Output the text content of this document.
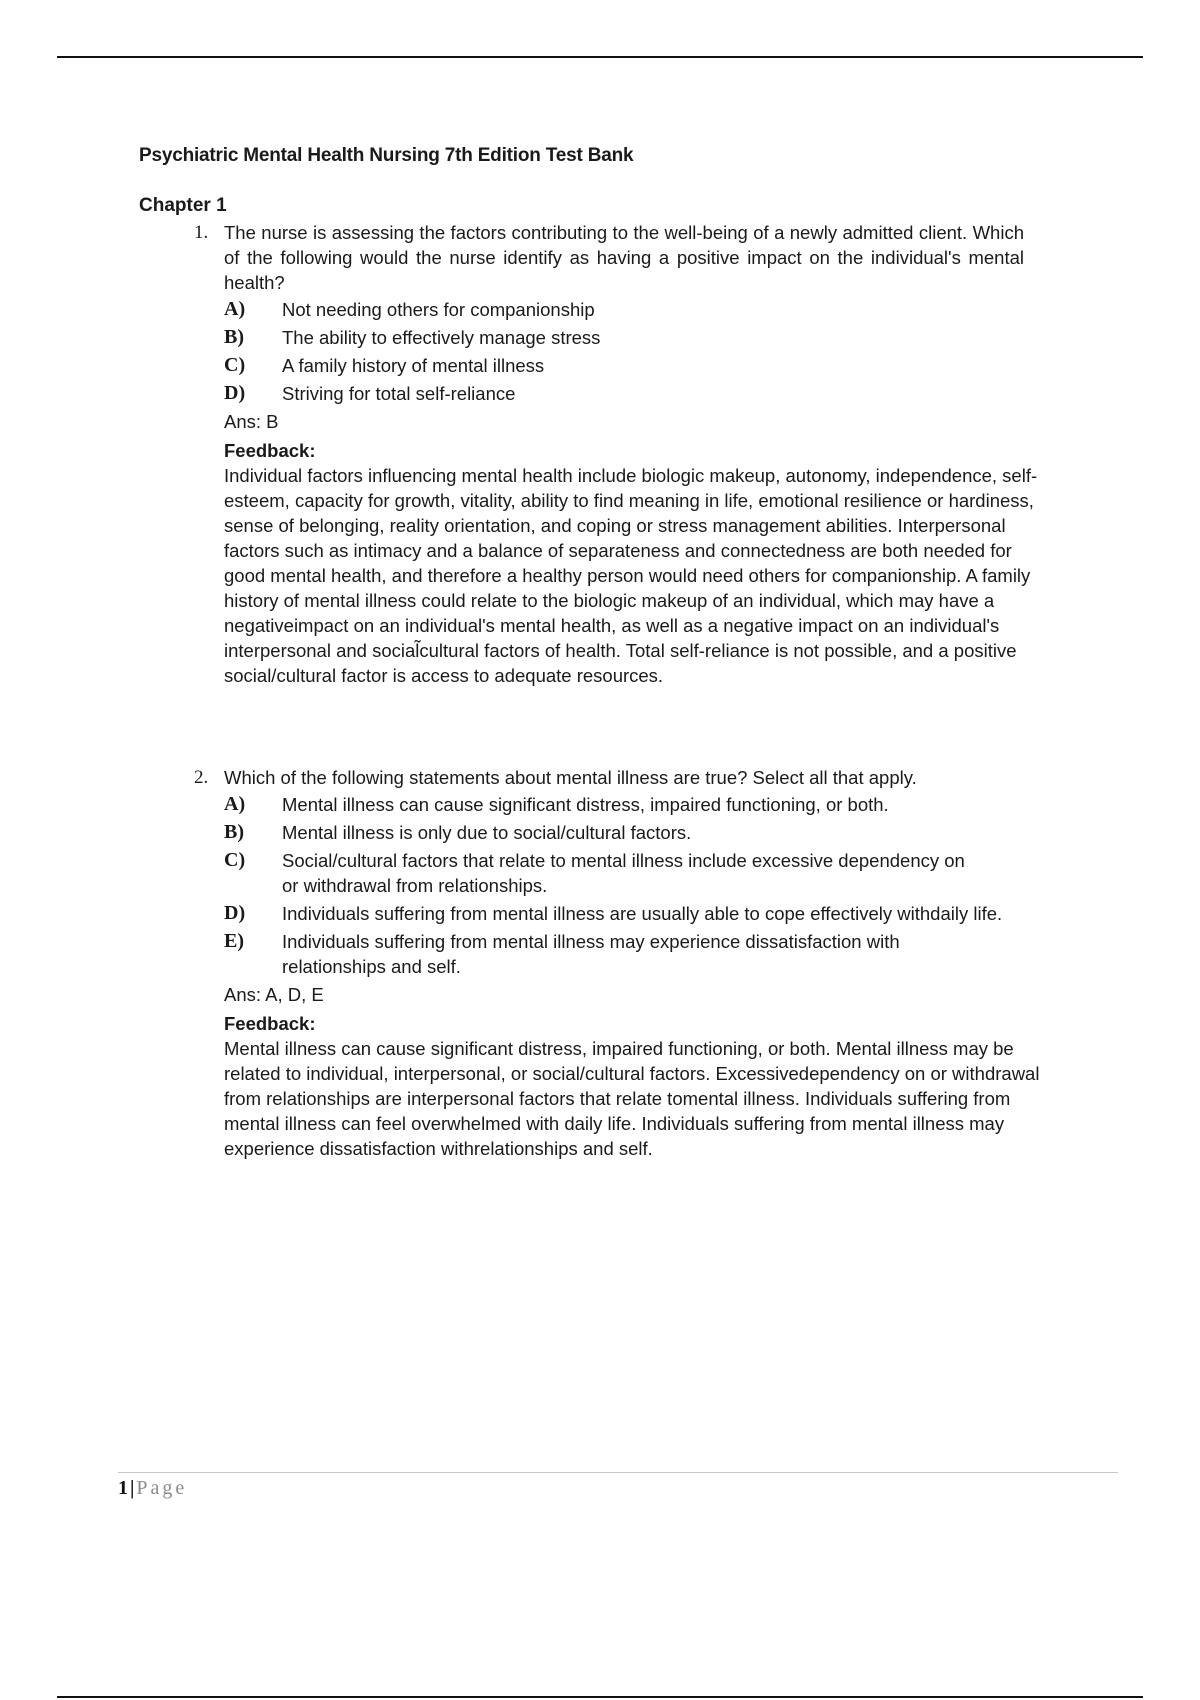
Psychiatric Mental Health Nursing 7th Edition Test Bank
Chapter 1
1. The nurse is assessing the factors contributing to the well-being of a newly admitted client. Which of the following would the nurse identify as having a positive impact on the individual's mental health?
A) Not needing others for companionship
B) The ability to effectively manage stress
C) A family history of mental illness
D) Striving for total self-reliance
Ans: B
Feedback:
Individual factors influencing mental health include biologic makeup, autonomy, independence, self-esteem, capacity for growth, vitality, ability to find meaning in life, emotional resilience or hardiness, sense of belonging, reality orientation, and coping or stress management abilities. Interpersonal factors such as intimacy and a balance of separateness and connectedness are both needed for good mental health, and therefore a healthy person would need others for companionship. A family history of mental illness could relate to the biologic makeup of an individual, which may have a negativeimpact on an individual's mental health, as well as a negative impact on an individual's interpersonal and social̃cultural factors of health. Total self-reliance is not possible, and a positive social/cultural factor is access to adequate resources.
2. Which of the following statements about mental illness are true? Select all that apply.
A) Mental illness can cause significant distress, impaired functioning, or both.
B) Mental illness is only due to social/cultural factors.
C) Social/cultural factors that relate to mental illness include excessive dependency on or withdrawal from relationships.
D) Individuals suffering from mental illness are usually able to cope effectively withdaily life.
E) Individuals suffering from mental illness may experience dissatisfaction with relationships and self.
Ans: A, D, E
Feedback:
Mental illness can cause significant distress, impaired functioning, or both. Mental illness may be related to individual, interpersonal, or social/cultural factors. Excessivedependency on or withdrawal from relationships are interpersonal factors that relate tomental illness. Individuals suffering from mental illness can feel overwhelmed with daily life. Individuals suffering from mental illness may experience dissatisfaction withrelationships and self.
1 | Page
